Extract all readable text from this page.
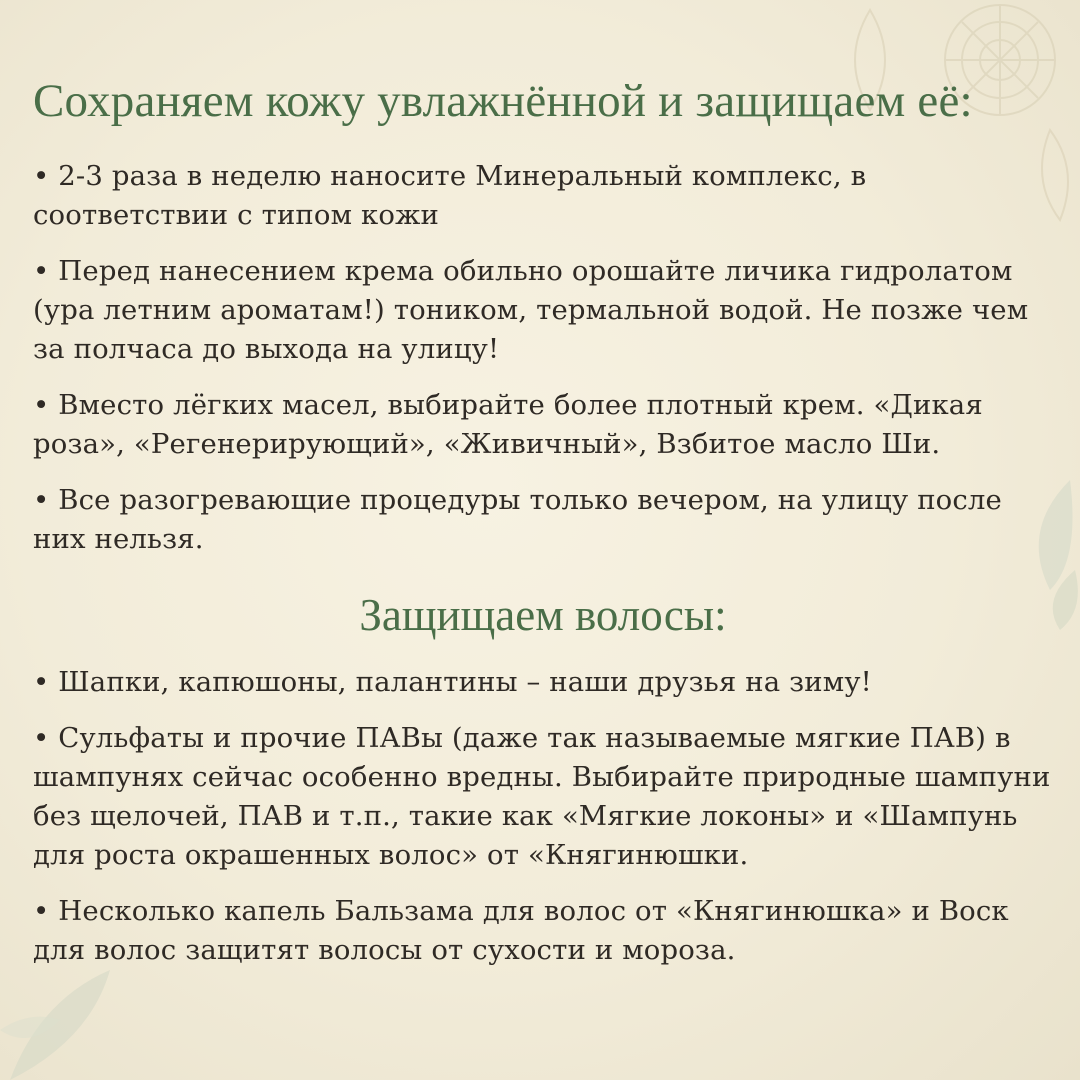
Сохраняем кожу увлажнённой и защищаем её:

• 2-3 раза в неделю наносите Минеральный комплекс, в соответствии с типом кожи

• Перед нанесением крема обильно орошайте личика гидролатом (ура летним ароматам!) тоником, термальной водой. Не позже чем за полчаса до выхода на улицу!

• Вместо лёгких масел, выбирайте более плотный крем. «Дикая роза», «Регенерирующий», «Живичный», Взбитое масло Ши.

• Все разогревающие процедуры только вечером, на улицу после них нельзя.

Защищаем волосы:

• Шапки, капюшоны, палантины – наши друзья на зиму!

• Сульфаты и прочие ПАВы (даже так называемые мягкие ПАВ) в шампунях сейчас особенно вредны. Выбирайте природные шампуни без щелочей, ПАВ и т.п., такие как «Мягкие локоны» и «Шампунь для роста окрашенных волос» от «Княгинюшки.

• Несколько капель Бальзама для волос от «Княгинюшка» и Воск для волос защитят волосы от сухости и мороза.
